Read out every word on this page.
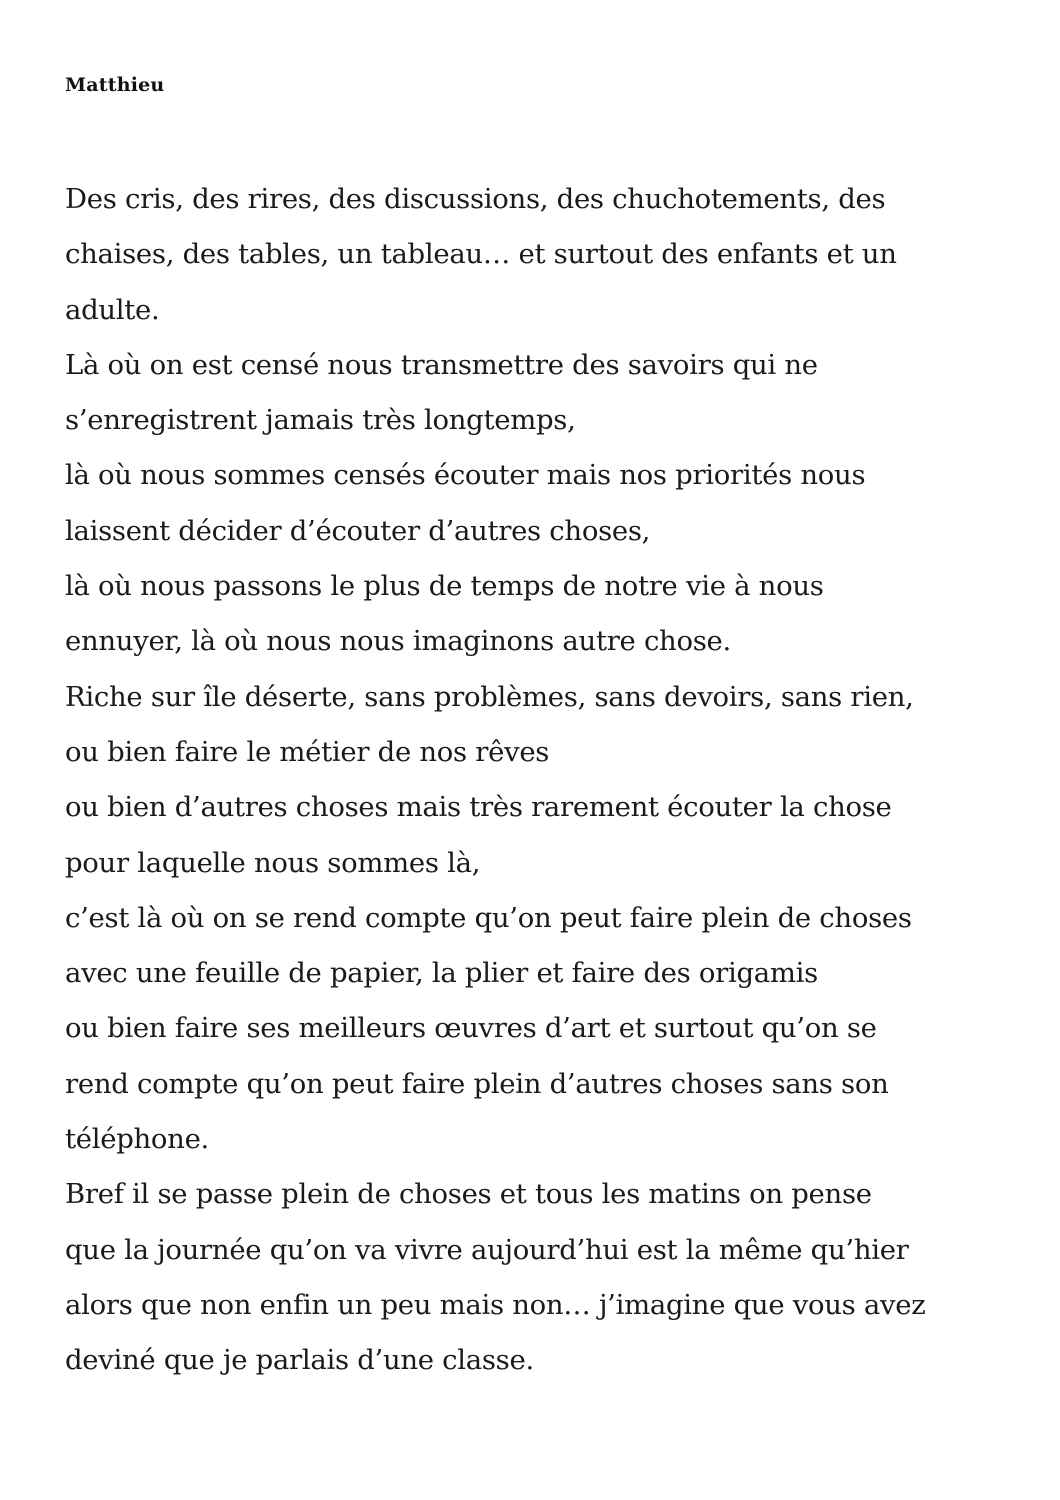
Matthieu
Des cris, des rires, des discussions, des chuchotements, des
chaises, des tables, un tableau… et surtout des enfants et un
adulte.
Là où on est censé nous transmettre des savoirs qui ne
s’enregistrent jamais très longtemps,
là où nous sommes censés écouter mais nos priorités nous
laissent décider d’écouter d’autres choses,
là où nous passons le plus de temps de notre vie à nous
ennuyer, là où nous nous imaginons autre chose.
Riche sur île déserte, sans problèmes, sans devoirs, sans rien,
ou bien faire le métier de nos rêves
ou bien d’autres choses mais très rarement écouter la chose
pour laquelle nous sommes là,
c’est là où on se rend compte qu’on peut faire plein de choses
avec une feuille de papier, la plier et faire des origamis
ou bien faire ses meilleurs œuvres d’art et surtout qu’on se
rend compte qu’on peut faire plein d’autres choses sans son
téléphone.
Bref il se passe plein de choses et tous les matins on pense
que la journée qu’on va vivre aujourd’hui est la même qu’hier
alors que non enfin un peu mais non… j’imagine que vous avez
deviné que je parlais d’une classe.
